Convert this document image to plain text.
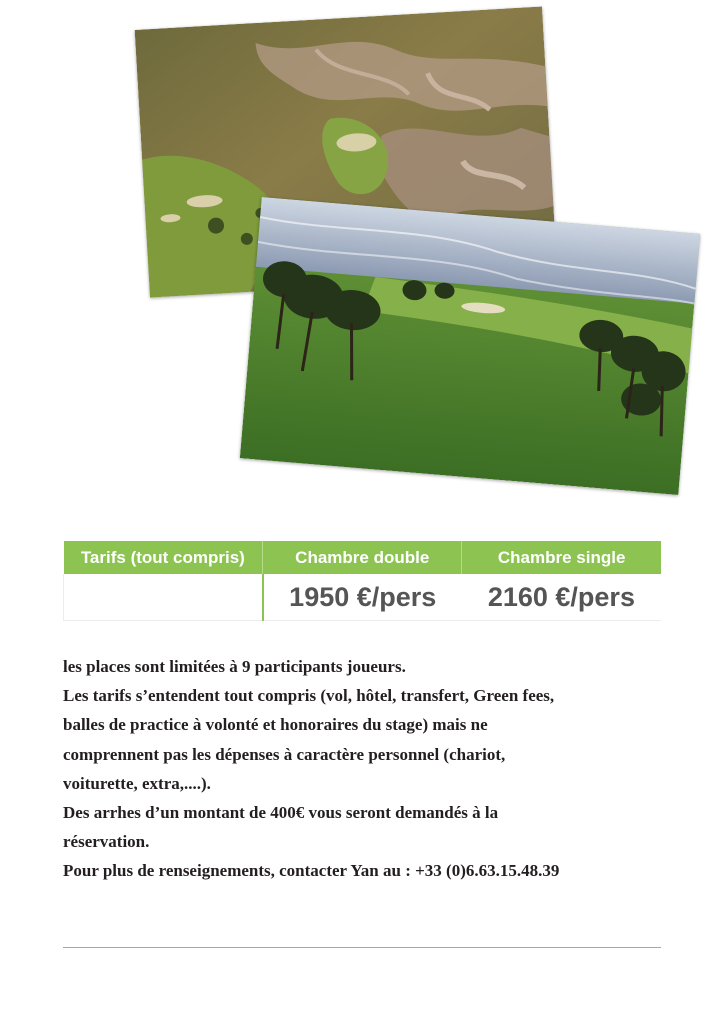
Tarifs (tout compris)	Chambre double	Chambre single
	1950 €/pers	2160 €/pers

les places sont limitées à 9 participants joueurs.

Les tarifs s’entendent tout compris (vol, hôtel, transfert, Green fees,

balles de practice à volonté et honoraires du stage) mais ne

comprennent pas les dépenses à caractère personnel (chariot,

voiturette, extra,....).

Des arrhes d’un montant de 400€ vous seront demandés à la

réservation.

Pour plus de renseignements, contacter Yan au : +33 (0)6.63.15.48.39
